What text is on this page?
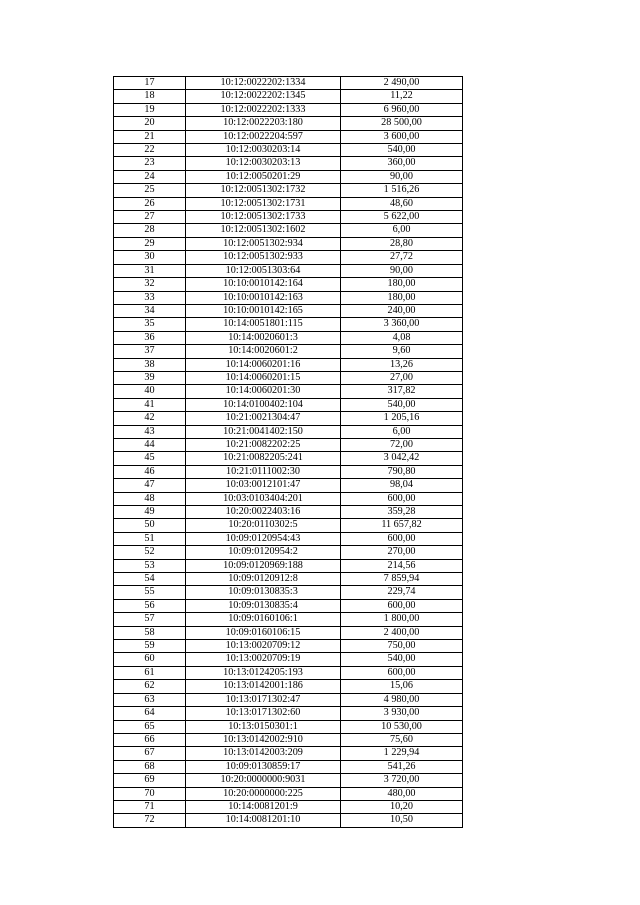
17	10:12:0022202:1334	2 490,00
18	10:12:0022202:1345	11,22
19	10:12:0022202:1333	6 960,00
20	10:12:0022203:180	28 500,00
21	10:12:0022204:597	3 600,00
22	10:12:0030203:14	540,00
23	10:12:0030203:13	360,00
24	10:12:0050201:29	90,00
25	10:12:0051302:1732	1 516,26
26	10:12:0051302:1731	48,60
27	10:12:0051302:1733	5 622,00
28	10:12:0051302:1602	6,00
29	10:12:0051302:934	28,80
30	10:12:0051302:933	27,72
31	10:12:0051303:64	90,00
32	10:10:0010142:164	180,00
33	10:10:0010142:163	180,00
34	10:10:0010142:165	240,00
35	10:14:0051801:115	3 360,00
36	10:14:0020601:3	4,08
37	10:14:0020601:2	9,60
38	10:14:0060201:16	13,26
39	10:14:0060201:15	27,00
40	10:14:0060201:30	317,82
41	10:14:0100402:104	540,00
42	10:21:0021304:47	1 205,16
43	10:21:0041402:150	6,00
44	10:21:0082202:25	72,00
45	10:21:0082205:241	3 042,42
46	10:21:0111002:30	790,80
47	10:03:0012101:47	98,04
48	10:03:0103404:201	600,00
49	10:20:0022403:16	359,28
50	10:20:0110302:5	11 657,82
51	10:09:0120954:43	600,00
52	10:09:0120954:2	270,00
53	10:09:0120969:188	214,56
54	10:09:0120912:8	7 859,94
55	10:09:0130835:3	229,74
56	10:09:0130835:4	600,00
57	10:09:0160106:1	1 800,00
58	10:09:0160106:15	2 400,00
59	10:13:0020709:12	750,00
60	10:13:0020709:19	540,00
61	10:13:0124205:193	600,00
62	10:13:0142001:186	15,06
63	10:13:0171302:47	4 980,00
64	10:13:0171302:60	3 930,00
65	10:13:0150301:1	10 530,00
66	10:13:0142002:910	75,60
67	10:13:0142003:209	1 229,94
68	10:09:0130859:17	541,26
69	10:20:0000000:9031	3 720,00
70	10:20:0000000:225	480,00
71	10:14:0081201:9	10,20
72	10:14:0081201:10	10,50
